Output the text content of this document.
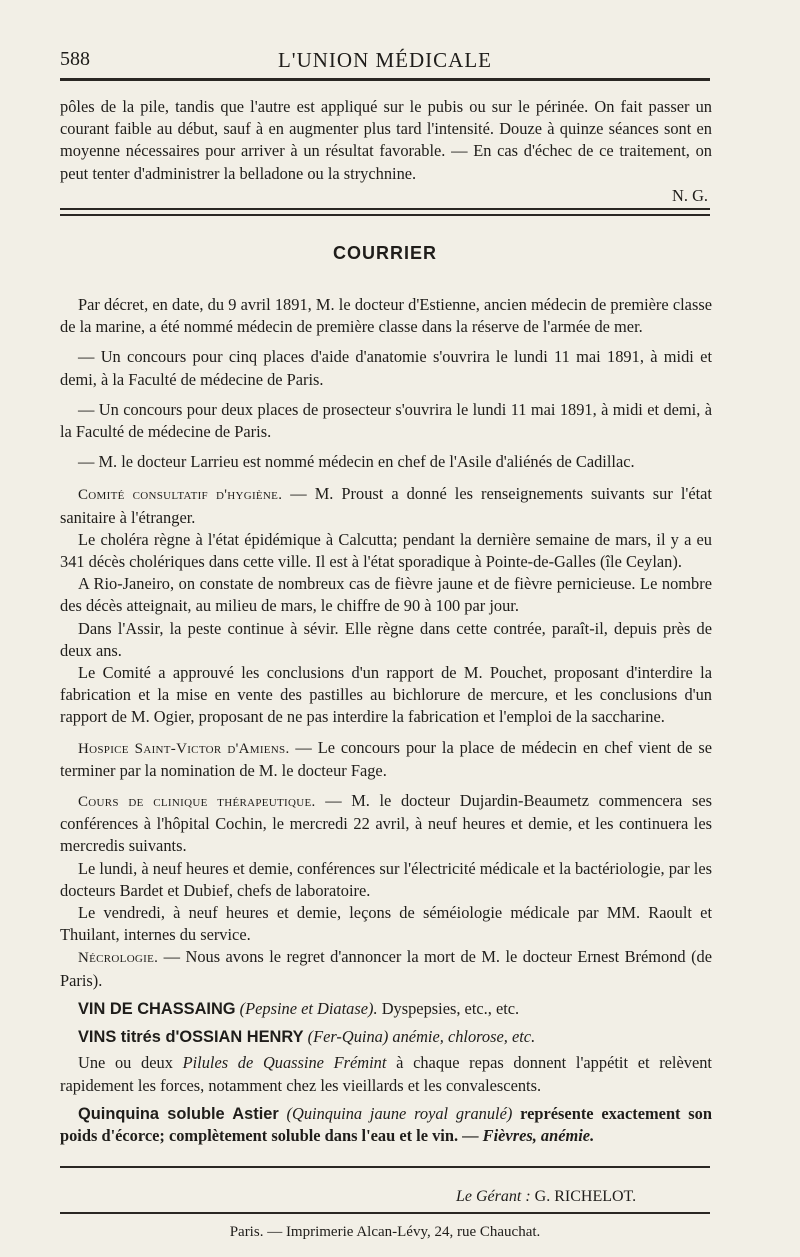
588	L'UNION MÉDICALE

pôles de la pile, tandis que l'autre est appliqué sur le pubis ou sur le périnée. On fait passer un courant faible au début, sauf à en augmenter plus tard l'intensité. Douze à quinze séances sont en moyenne nécessaires pour arriver à un résultat favorable. — En cas d'échec de ce traitement, on peut tenter d'administrer la belladone ou la strychnine.

N. G.

COURRIER

Par décret, en date, du 9 avril 1891, M. le docteur d'Estienne, ancien médecin de première classe de la marine, a été nommé médecin de première classe dans la réserve de l'armée de mer.

— Un concours pour cinq places d'aide d'anatomie s'ouvrira le lundi 11 mai 1891, à midi et demi, à la Faculté de médecine de Paris.

— Un concours pour deux places de prosecteur s'ouvrira le lundi 11 mai 1891, à midi et demi, à la Faculté de médecine de Paris.

— M. le docteur Larrieu est nommé médecin en chef de l'Asile d'aliénés de Cadillac.

Comité consultatif d'hygiène. — M. Proust a donné les renseignements suivants sur l'état sanitaire à l'étranger.

Le choléra règne à l'état épidémique à Calcutta; pendant la dernière semaine de mars, il y a eu 341 décès cholériques dans cette ville. Il est à l'état sporadique à Pointe-de-Galles (île Ceylan).

A Rio-Janeiro, on constate de nombreux cas de fièvre jaune et de fièvre pernicieuse. Le nombre des décès atteignait, au milieu de mars, le chiffre de 90 à 100 par jour.

Dans l'Assir, la peste continue à sévir. Elle règne dans cette contrée, paraît-il, depuis près de deux ans.

Le Comité a approuvé les conclusions d'un rapport de M. Pouchet, proposant d'interdire la fabrication et la mise en vente des pastilles au bichlorure de mercure, et les conclusions d'un rapport de M. Ogier, proposant de ne pas interdire la fabrication et l'emploi de la saccharine.

Hospice Saint-Victor d'Amiens. — Le concours pour la place de médecin en chef vient de se terminer par la nomination de M. le docteur Fage.

Cours de clinique thérapeutique. — M. le docteur Dujardin-Beaumetz commencera ses conférences à l'hôpital Cochin, le mercredi 22 avril, à neuf heures et demie, et les continuera les mercredis suivants.

Le lundi, à neuf heures et demie, conférences sur l'électricité médicale et la bactériologie, par les docteurs Bardet et Dubief, chefs de laboratoire.

Le vendredi, à neuf heures et demie, leçons de séméiologie médicale par MM. Raoult et Thuilant, internes du service.

Nécrologie. — Nous avons le regret d'annoncer la mort de M. le docteur Ernest Brémond (de Paris).

VIN DE CHASSAING (Pepsine et Diatase). Dyspepsies, etc., etc.

VINS titrés d'OSSIAN HENRY (Fer-Quina) anémie, chlorose, etc.

Une ou deux Pilules de Quassine Frémint à chaque repas donnent l'appétit et relèvent rapidement les forces, notamment chez les vieillards et les convalescents.

Quinquina soluble Astier (Quinquina jaune royal granulé) représente exactement son poids d'écorce; complètement soluble dans l'eau et le vin. — Fièvres, anémie.

Le Gérant : G. RICHELOT.
Paris. — Imprimerie Alcan-Lévy, 24, rue Chauchat.
